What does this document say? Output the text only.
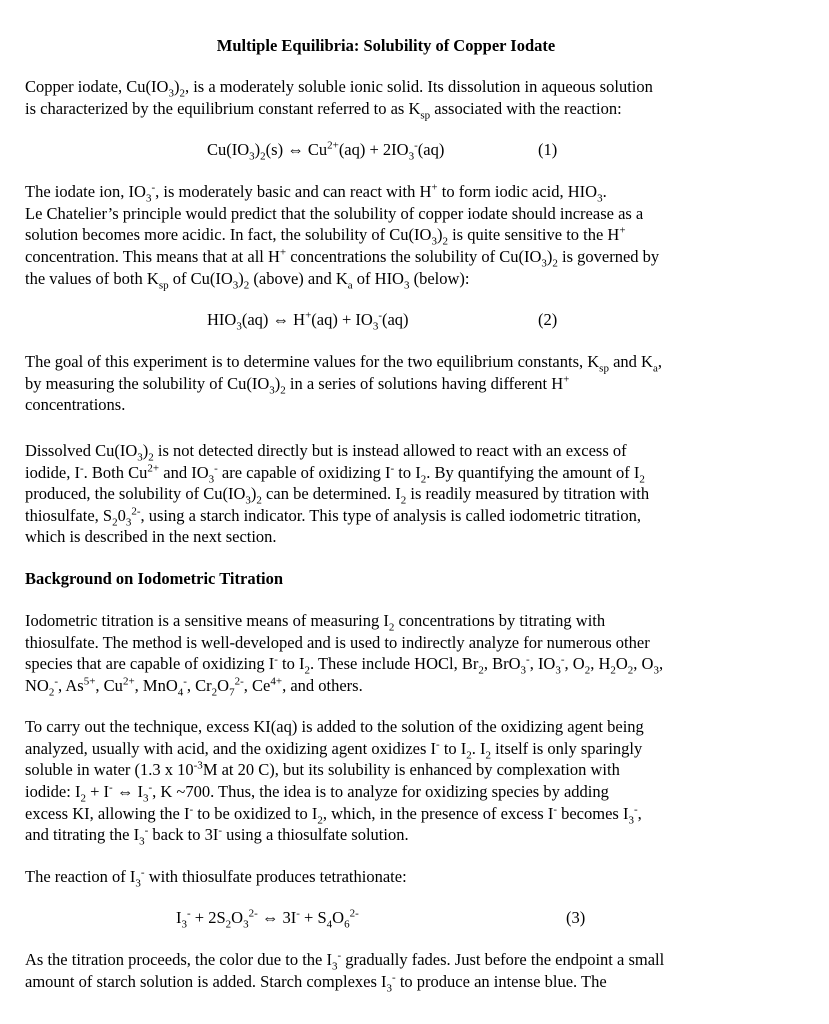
Multiple Equilibria: Solubility of Copper Iodate

Copper iodate, $Cu(IO_3)_2$, is a moderately soluble ionic solid. Its dissolution in aqueous solution

is characterized by the equilibrium constant referred to as $K_{sp}$ associated with the reaction:

$Cu(IO_3)_2(s)$ ⇔ $Cu^{2+}(aq) + 2IO_3^-(aq)$	(1)

The iodate ion, $IO_3^-$, is moderately basic and can react with H+ to form iodic acid, $HIO_3$.

Le Chatelier’s principle would predict that the solubility of copper iodate should increase as a

solution becomes more acidic. In fact, the solubility of $Cu(IO_3)_2$ is quite sensitive to the H+

concentration. This means that at all H+ concentrations the solubility of $Cu(IO_3)_2$ is governed by

the values of both $K_{sp}$ of $Cu(IO_3)_2$ (above) and $K_a$ of $HIO_3$ (below):

$HIO_3(aq)$ ⇔ $H^+(aq) + IO_3^-(aq)$	(2)

The goal of this experiment is to determine values for the two equilibrium constants, $K_{sp}$ and $K_a$,

by measuring the solubility of $Cu(IO_3)_2$ in a series of solutions having different H+

concentrations.

Dissolved $Cu(IO_3)_2$ is not detected directly but is instead allowed to react with an excess of

iodide, I-. Both $Cu^{2+}$ and $IO_3^-$ are capable of oxidizing I- to $I_2$. By quantifying the amount of $I_2$

produced, the solubility of $Cu(IO_3)_2$ can be determined. $I_2$ is readily measured by titration with

thiosulfate, $S_20_3^{2-}$, using a starch indicator. This type of analysis is called iodometric titration,

which is described in the next section.

Background on Iodometric Titration

Iodometric titration is a sensitive means of measuring $I_2$ concentrations by titrating with

thiosulfate. The method is well-developed and is used to indirectly analyze for numerous other

species that are capable of oxidizing I- to $I_2$. These include HOCl, $Br_2$, BrO$_3$-, $IO_3^-$, $O_2$, $H_2O_2$, $O_3$,

$NO_2^-$, $As^{5+}$, $Cu^{2+}$, MnO$_4$-, $Cr_2O_7^{2-}$, $Ce^{4+}$, and others.

To carry out the technique, excess KI(aq) is added to the solution of the oxidizing agent being

analyzed, usually with acid, and the oxidizing agent oxidizes I- to $I_2$. $I_2$ itself is only sparingly

soluble in water (1.3 x $10^{-3}M$ at 20 C), but its solubility is enhanced by complexation with

iodide: $I_2 + I^-$ ⇔ $I_3^-$, K ~700. Thus, the idea is to analyze for oxidizing species by adding

excess KI, allowing the I- to be oxidized to $I_2$, which, in the presence of excess I- becomes $I_3^-$,

and titrating the $I_3^-$ back to 3I- using a thiosulfate solution.

The reaction of $I_3^-$ with thiosulfate produces tetrathionate:

$I_3^- + 2S_2O_3^{2-}$ ⇔ $3I^- + S_4O_6^{2-}$	(3)

As the titration proceeds, the color due to the $I_3^-$ gradually fades. Just before the endpoint a small

amount of starch solution is added. Starch complexes $I_3^-$ to produce an intense blue. The
